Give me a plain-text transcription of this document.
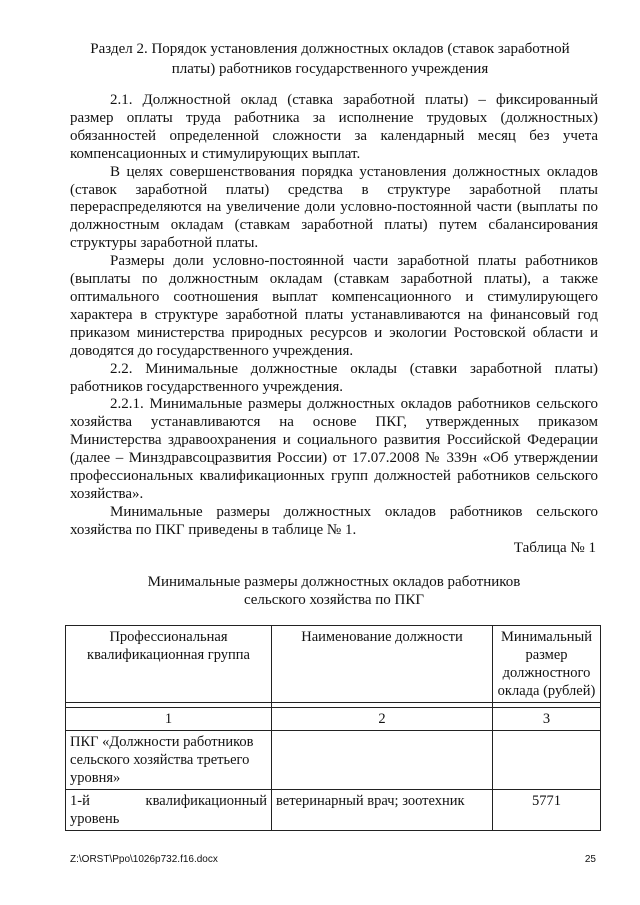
Раздел 2. Порядок установления должностных окладов (ставок заработной
платы) работников государственного учреждения

2.1. Должностной оклад (ставка заработной платы) – фиксированный размер оплаты труда работника за исполнение трудовых (должностных) обязанностей определенной сложности за календарный месяц без учета компенсационных и стимулирующих выплат.

В целях совершенствования порядка установления должностных окладов (ставок заработной платы) средства в структуре заработной платы перераспределяются на увеличение доли условно-постоянной части (выплаты по должностным окладам (ставкам заработной платы) путем сбалансирования структуры заработной платы.

Размеры доли условно-постоянной части заработной платы работников (выплаты по должностным окладам (ставкам заработной платы), а также оптимального соотношения выплат компенсационного и стимулирующего характера в структуре заработной платы устанавливаются на финансовый год приказом министерства природных ресурсов и экологии Ростовской области и доводятся до государственного учреждения.

2.2. Минимальные должностные оклады (ставки заработной платы) работников государственного учреждения.

2.2.1. Минимальные размеры должностных окладов работников сельского хозяйства устанавливаются на основе ПКГ, утвержденных приказом Министерства здравоохранения и социального развития Российской Федерации (далее – Минздравсоцразвития России) от 17.07.2008 № 339н «Об утверждении профессиональных квалификационных групп должностей работников сельского хозяйства».

Минимальные размеры должностных окладов работников сельского хозяйства по ПКГ приведены в таблице № 1.

Таблица № 1
Минимальные размеры должностных окладов работников
сельского хозяйства по ПКГ
Профессиональная квалификационная группа	Наименование должности	Минимальный размер должностного оклада (рублей)

1	2	3
ПКГ «Должности работников сельского хозяйства третьего уровня»		
1-й квалификационный уровень	ветеринарный врач; зоотехник	5771
Z:\ORST\Ppo\1026p732.f16.docx	25
